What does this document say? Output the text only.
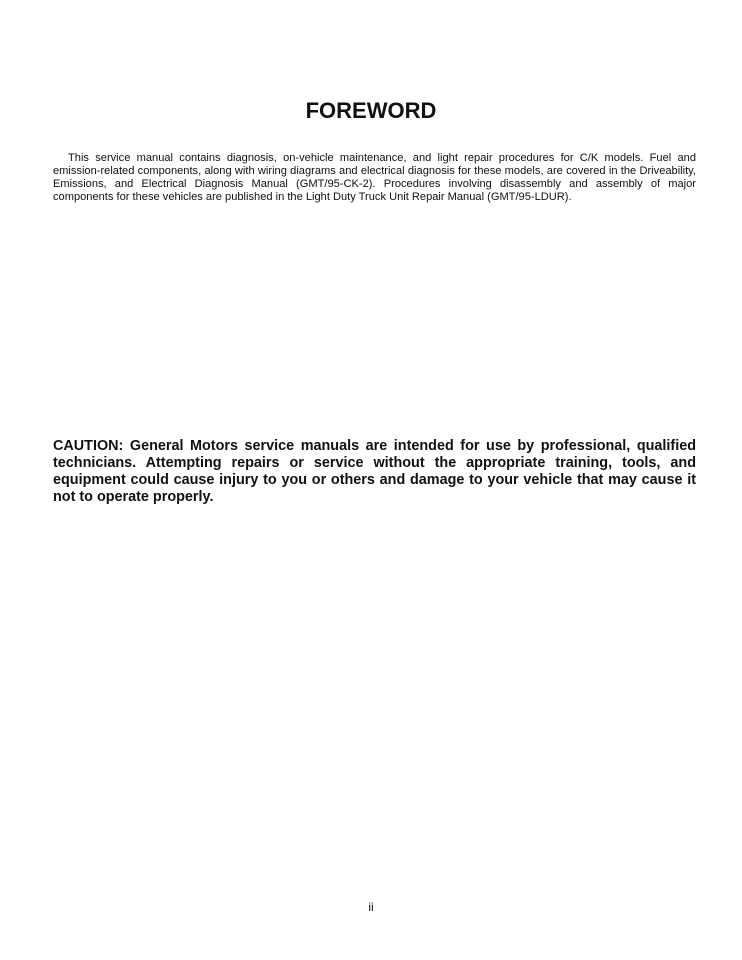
FOREWORD

This service manual contains diagnosis, on-vehicle maintenance, and light repair procedures for C/K models. Fuel and emission-related components, along with wiring diagrams and electrical diagnosis for these models, are covered in the Driveability, Emissions, and Electrical Diagnosis Manual (GMT/95-CK-2). Procedures involving disassembly and assembly of major components for these vehicles are published in the Light Duty Truck Unit Repair Manual (GMT/95-LDUR).

CAUTION: General Motors service manuals are intended for use by professional, qualified technicians. Attempting repairs or service without the appropriate training, tools, and equipment could cause injury to you or others and damage to your vehicle that may cause it not to operate properly.

ii
